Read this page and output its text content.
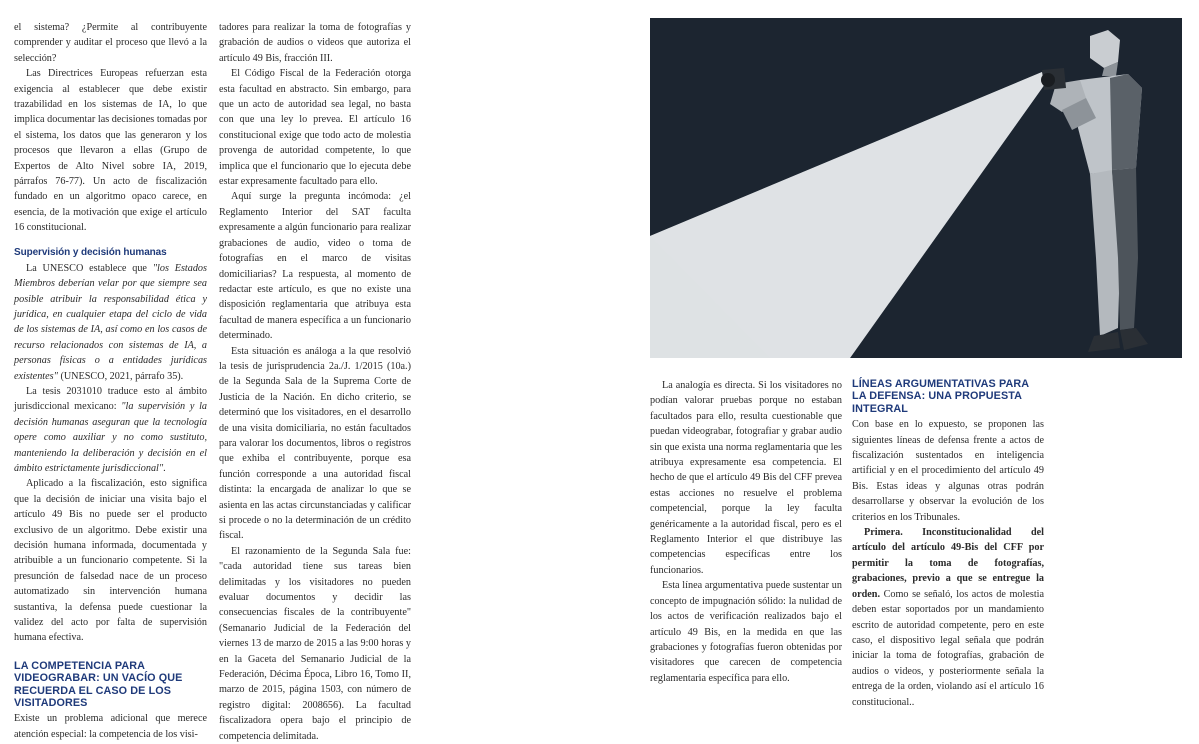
el sistema? ¿Permite al contribuyente comprender y auditar el proceso que llevó a la selección?

Las Directrices Europeas refuerzan esta exigencia al establecer que debe existir trazabilidad en los sistemas de IA, lo que implica documentar las decisiones tomadas por el sistema, los datos que las generaron y los procesos que llevaron a ellas (Grupo de Expertos de Alto Nivel sobre IA, 2019, párrafos 76-77). Un acto de fiscalización fundado en un algoritmo opaco carece, en esencia, de la motivación que exige el artículo 16 constitucional.

Supervisión y decisión humanas

La UNESCO establece que "los Estados Miembros deberían velar por que siempre sea posible atribuir la responsabilidad ética y jurídica, en cualquier etapa del ciclo de vida de los sistemas de IA, así como en los casos de recurso relacionados con sistemas de IA, a personas físicas o a entidades jurídicas existentes" (UNESCO, 2021, párrafo 35).

La tesis 2031010 traduce esto al ámbito jurisdiccional mexicano: "la supervisión y la decisión humanas aseguran que la tecnología opere como auxiliar y no como sustituto, manteniendo la deliberación y decisión en el ámbito estrictamente jurisdiccional".

Aplicado a la fiscalización, esto significa que la decisión de iniciar una visita bajo el artículo 49 Bis no puede ser el producto exclusivo de un algoritmo. Debe existir una decisión humana informada, documentada y atribuible a un funcionario competente. Si la presunción de falsedad nace de un proceso automatizado sin intervención humana sustantiva, la defensa puede cuestionar la validez del acto por falta de supervisión humana efectiva.

LA COMPETENCIA PARA VIDEOGRABAR: UN VACÍO QUE RECUERDA EL CASO DE LOS VISITADORES

Existe un problema adicional que merece atención especial: la competencia de los visi-

tadores para realizar la toma de fotografías y grabación de audios o videos que autoriza el artículo 49 Bis, fracción III.

El Código Fiscal de la Federación otorga esta facultad en abstracto. Sin embargo, para que un acto de autoridad sea legal, no basta con que una ley lo prevea. El artículo 16 constitucional exige que todo acto de molestia provenga de autoridad competente, lo que implica que el funcionario que lo ejecuta debe estar expresamente facultado para ello.

Aquí surge la pregunta incómoda: ¿el Reglamento Interior del SAT faculta expresamente a algún funcionario para realizar grabaciones de audio, video o toma de fotografías en el marco de visitas domiciliarias? La respuesta, al momento de redactar este artículo, es que no existe una disposición reglamentaria que atribuya esta facultad de manera específica a un funcionario determinado.

Esta situación es análoga a la que resolvió la tesis de jurisprudencia 2a./J. 1/2015 (10a.) de la Segunda Sala de la Suprema Corte de Justicia de la Nación. En dicho criterio, se determinó que los visitadores, en el desarrollo de una visita domiciliaria, no están facultados para valorar los documentos, libros o registros que exhiba el contribuyente, porque esa función corresponde a una autoridad fiscal distinta: la encargada de analizar lo que se asienta en las actas circunstanciadas y calificar si procede o no la determinación de un crédito fiscal.

El razonamiento de la Segunda Sala fue: "cada autoridad tiene sus tareas bien delimitadas y los visitadores no pueden evaluar documentos y decidir las consecuencias fiscales de la contribuyente" (Semanario Judicial de la Federación del viernes 13 de marzo de 2015 a las 9:00 horas y en la Gaceta del Semanario Judicial de la Federación, Décima Época, Libro 16, Tomo II, marzo de 2015, página 1503, con número de registro digital: 2008656). La facultad fiscalizadora opera bajo el principio de competencia delimitada.

La analogía es directa. Si los visitadores no podían valorar pruebas porque no estaban facultados para ello, resulta cuestionable que puedan videograbar, fotografiar y grabar audio sin que exista una norma reglamentaria que les atribuya expresamente esa competencia. El hecho de que el artículo 49 Bis del CFF prevea estas acciones no resuelve el problema competencial, porque la ley faculta genéricamente a la autoridad fiscal, pero es el Reglamento Interior el que distribuye las competencias específicas entre los funcionarios.

Esta línea argumentativa puede sustentar un concepto de impugnación sólido: la nulidad de los actos de verificación realizados bajo el artículo 49 Bis, en la medida en que las grabaciones y fotografías fueron obtenidas por visitadores que carecen de competencia reglamentaria específica para ello.

LÍNEAS ARGUMENTATIVAS PARA LA DEFENSA: UNA PROPUESTA INTEGRAL

Con base en lo expuesto, se proponen las siguientes líneas de defensa frente a actos de fiscalización sustentados en inteligencia artificial y en el procedimiento del artículo 49 Bis. Estas ideas y algunas otras podrán desarrollarse y observar la evolución de los criterios en los Tribunales.

Primera. Inconstitucionalidad del artículo del artículo 49-Bis del CFF por permitir la toma de fotografías, grabaciones, previo a que se entregue la orden. Como se señaló, los actos de molestia deben estar soportados por un mandamiento escrito de autoridad competente, pero en este caso, el dispositivo legal señala que podrán iniciar la toma de fotografías, grabación de audios o videos, y posteriormente señala la entrega de la orden, violando así el artículo 16 constitucional..
